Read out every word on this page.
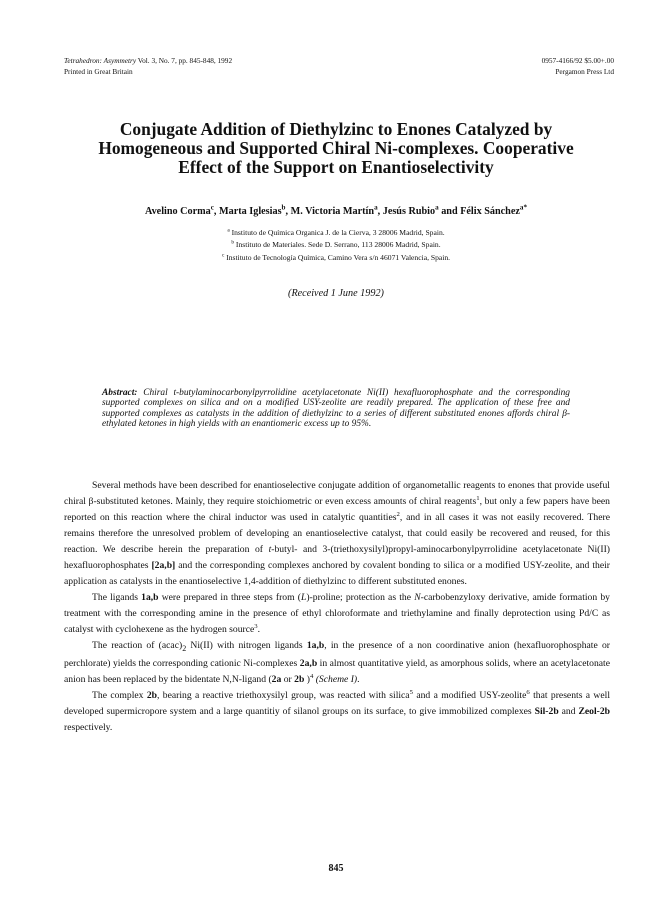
Tetrahedron: Asymmetry Vol. 3, No. 7, pp. 845-848, 1992
Printed in Great Britain
0957-4166/92 $5.00+.00
Pergamon Press Ltd
Conjugate Addition of Diethylzinc to Enones Catalyzed by
Homogeneous and Supported Chiral Ni-complexes. Cooperative
Effect of the Support on Enantioselectivity
Avelino Corma$^c$, Marta Iglesias$^b$, M. Victoria Martín$^a$, Jesús Rubio$^a$ and Félix Sánchez$^{a*}$
$^a$ Instituto de Química Organica J. de la Cierva, 3 28006 Madrid, Spain.
$^b$ Instituto de Materiales. Sede D. Serrano, 113 28006 Madrid, Spain.
$^c$ Instituto de Tecnología Química, Camino Vera s/n 46071 Valencia, Spain.
(Received 1 June 1992)
Abstract: Chiral t-butylaminocarbonylpyrrolidine acetylacetonate Ni(II) hexafluorophosphate and the corresponding supported complexes on silica and on a modified USY-zeolite are readily prepared. The application of these free and supported complexes as catalysts in the addition of diethylzinc to a series of different substituted enones affords chiral β-ethylated ketones in high yields with an enantiomeric excess up to 95%.

Several methods have been described for enantioselective conjugate addition of organometallic reagents to enones that provide useful chiral β-substituted ketones. Mainly, they require stoichiometric or even excess amounts of chiral reagents$^1$, but only a few papers have been reported on this reaction where the chiral inductor was used in catalytic quantities$^2$, and in all cases it was not easily recovered. There remains therefore the unresolved problem of developing an enantioselective catalyst, that could easily be recovered and reused, for this reaction. We describe herein the preparation of t-butyl- and 3-(triethoxysilyl)propyl-aminocarbonylpyrrolidine acetylacetonate Ni(II) hexafluorophosphates [2a,b] and the corresponding complexes anchored by covalent bonding to silica or a modified USY-zeolite, and their application as catalysts in the enantioselective 1,4-addition of diethylzinc to different substituted enones.

The ligands 1a,b were prepared in three steps from (L)-proline; protection as the N-carbobenzyloxy derivative, amide formation by treatment with the corresponding amine in the presence of ethyl chloroformate and triethylamine and finally deprotection using Pd/C as catalyst with cyclohexene as the hydrogen source$^3$.

The reaction of $(acac)_2$ Ni(II) with nitrogen ligands 1a,b, in the presence of a non coordinative anion (hexafluorophosphate or perchlorate) yields the corresponding cationic Ni-complexes 2a,b in almost quantitative yield, as amorphous solids, where an acetylacetonate anion has been replaced by the bidentate N,N-ligand (2a or 2b )$^4$ (Scheme I).

The complex 2b, bearing a reactive triethoxysilyl group, was reacted with silica$^5$ and a modified USY-zeolite$^6$ that presents a well developed supermicropore system and a large quantitiy of silanol groups on its surface, to give immobilized complexes Sil-2b and Zeol-2b respectively.

845
